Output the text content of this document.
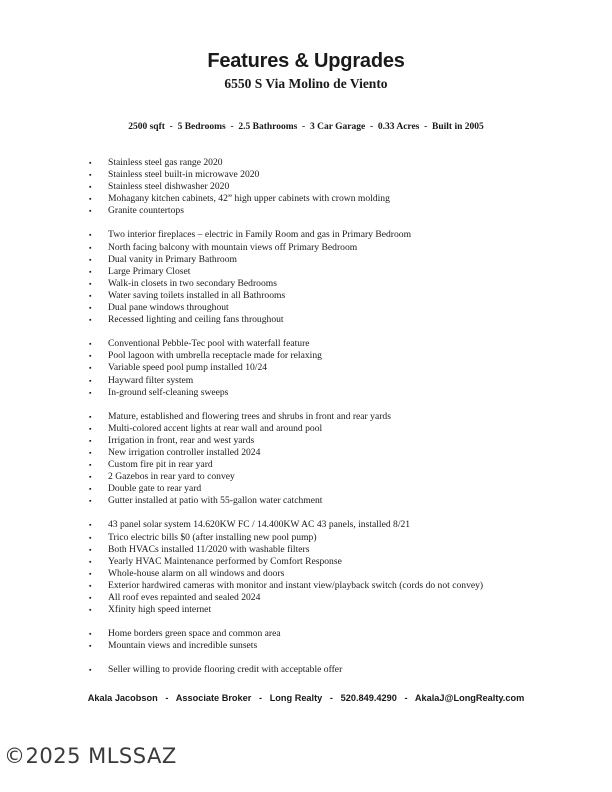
Features & Upgrades
6550 S Via Molino de Viento
2500 sqft  -  5 Bedrooms  -  2.5 Bathrooms  -  3 Car Garage  -  0.33 Acres  -  Built in 2005
▪ Stainless steel gas range 2020
▪ Stainless steel built-in microwave 2020
▪ Stainless steel dishwasher 2020
▪ Mohagany kitchen cabinets, 42” high upper cabinets with crown molding
▪ Granite countertops
▪ Two interior fireplaces – electric in Family Room and gas in Primary Bedroom
▪ North facing balcony with mountain views off Primary Bedroom
▪ Dual vanity in Primary Bathroom
▪ Large Primary Closet
▪ Walk-in closets in two secondary Bedrooms
▪ Water saving toilets installed in all Bathrooms
▪ Dual pane windows throughout
▪ Recessed lighting and ceiling fans throughout
▪ Conventional Pebble-Tec pool with waterfall feature
▪ Pool lagoon with umbrella receptacle made for relaxing
▪ Variable speed pool pump installed 10/24
▪ Hayward filter system
▪ In-ground self-cleaning sweeps
▪ Mature, established and flowering trees and shrubs in front and rear yards
▪ Multi-colored accent lights at rear wall and around pool
▪ Irrigation in front, rear and west yards
▪ New irrigation controller installed 2024
▪ Custom fire pit in rear yard
▪ 2 Gazebos in rear yard to convey
▪ Double gate to rear yard
▪ Gutter installed at patio with 55-gallon water catchment
▪ 43 panel solar system 14.620KW FC / 14.400KW AC 43 panels, installed 8/21
▪ Trico electric bills $0 (after installing new pool pump)
▪ Both HVACs installed 11/2020 with washable filters
▪ Yearly HVAC Maintenance performed by Comfort Response
▪ Whole-house alarm on all windows and doors
▪ Exterior hardwired cameras with monitor and instant view/playback switch (cords do not convey)
▪ All roof eves repainted and sealed 2024
▪ Xfinity high speed internet
▪ Home borders green space and common area
▪ Mountain views and incredible sunsets
▪ Seller willing to provide flooring credit with acceptable offer
Akala Jacobson   -   Associate Broker   -   Long Realty   -   520.849.4290   -   AkalaJ@LongRealty.com
©2025 MLSSAZ
